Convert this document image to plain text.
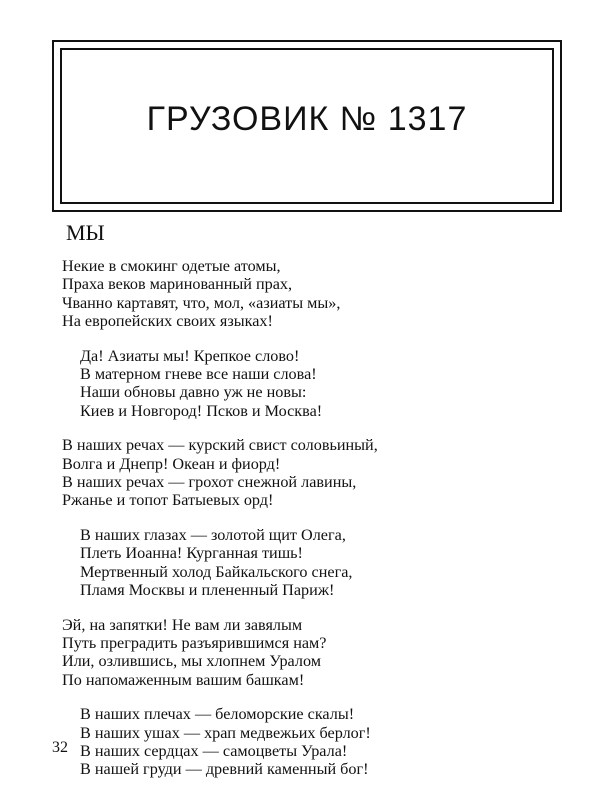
ГРУЗОВИК № 1317
МЫ
Некие в смокинг одетые атомы,
Праха веков маринованный прах,
Чванно картавят, что, мол, «азиаты мы»,
На европейских своих языках!
Да! Азиаты мы! Крепкое слово!
В матерном гневе все наши слова!
Наши обновы давно уж не новы:
Киев и Новгород! Псков и Москва!
В наших речах — курский свист соловьиный,
Волга и Днепр! Океан и фиорд!
В наших речах — грохот снежной лавины,
Ржанье и топот Батыевых орд!
В наших глазах — золотой щит Олега,
Плеть Иоанна! Курганная тишь!
Мертвенный холод Байкальского снега,
Пламя Москвы и плененный Париж!
Эй, на запятки! Не вам ли завялым
Путь преградить разъярившимся нам?
Или, озлившись, мы хлопнем Уралом
По напомаженным вашим башкам!
В наших плечах — беломорские скалы!
В наших ушах — храп медвежьих берлог!
В наших сердцах — самоцветы Урала!
В нашей груди — древний каменный бог!
32
